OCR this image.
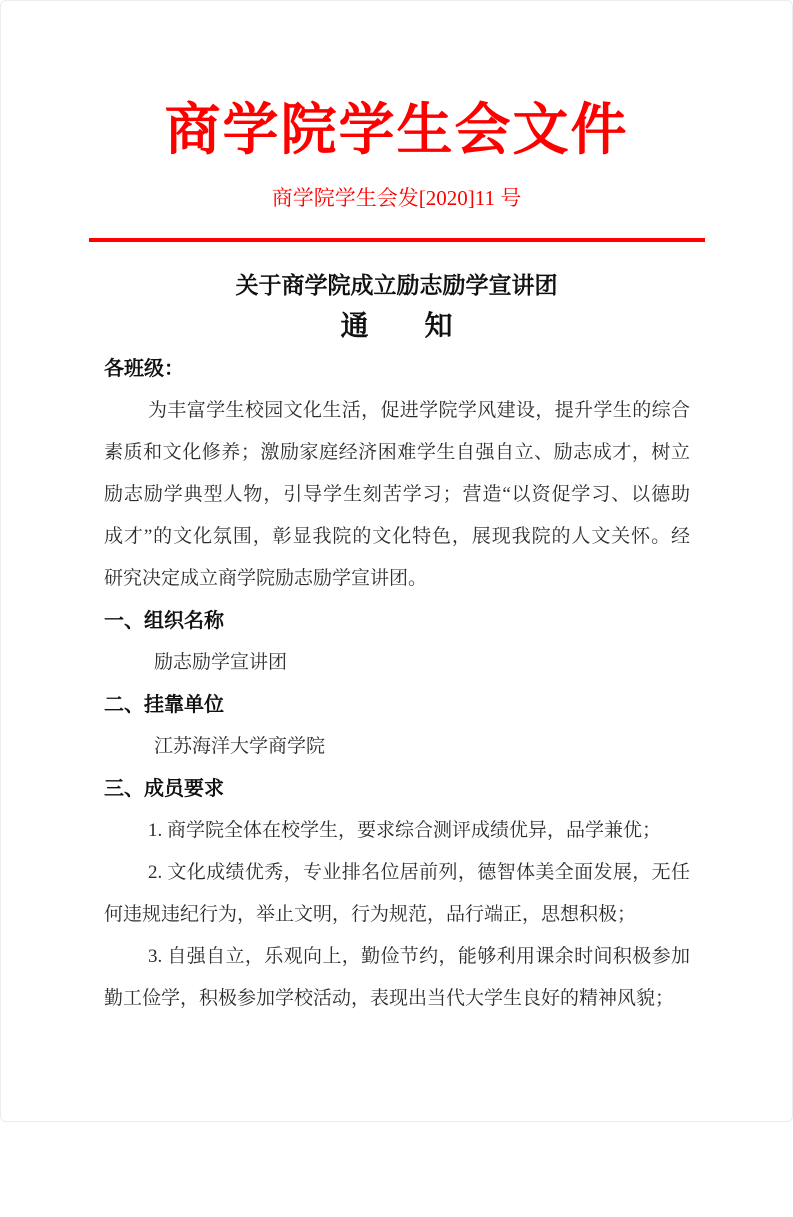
商学院学生会文件
商学院学生会发[2020]11 号
关于商学院成立励志励学宣讲团
通　　知
各班级：
为丰富学生校园文化生活，促进学院学风建设，提升学生的综合
素质和文化修养；激励家庭经济困难学生自强自立、励志成才，树立
励志励学典型人物，引导学生刻苦学习；营造“以资促学习、以德助
成才”的文化氛围，彰显我院的文化特色，展现我院的人文关怀。经
研究决定成立商学院励志励学宣讲团。
一、组织名称
励志励学宣讲团
二、挂靠单位
江苏海洋大学商学院
三、成员要求
1. 商学院全体在校学生，要求综合测评成绩优异，品学兼优；
2. 文化成绩优秀，专业排名位居前列，德智体美全面发展，无任
何违规违纪行为，举止文明，行为规范，品行端正，思想积极；
3. 自强自立，乐观向上，勤俭节约，能够利用课余时间积极参加
勤工俭学，积极参加学校活动，表现出当代大学生良好的精神风貌；
